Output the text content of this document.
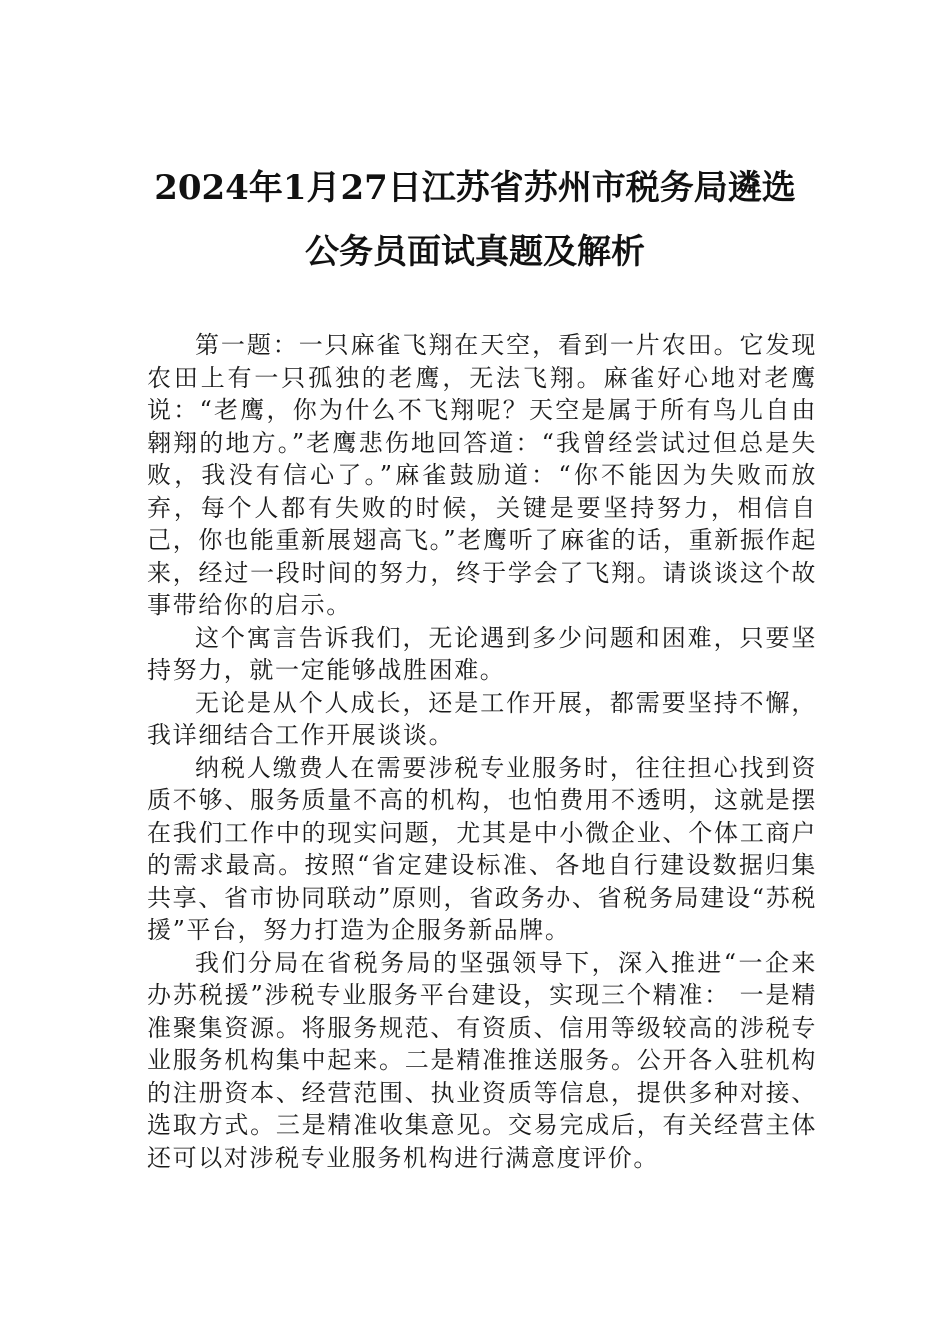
2024年1月27日江苏省苏州市税务局遴选
公务员面试真题及解析

第一题：一只麻雀飞翔在天空，看到一片农田。它发现农田上有一只孤独的老鹰，无法飞翔。麻雀好心地对老鹰说：“老鹰，你为什么不飞翔呢？天空是属于所有鸟儿自由翱翔的地方。”老鹰悲伤地回答道：“我曾经尝试过但总是失败，我没有信心了。”麻雀鼓励道：“你不能因为失败而放弃，每个人都有失败的时候，关键是要坚持努力，相信自己，你也能重新展翅高飞。”老鹰听了麻雀的话，重新振作起来，经过一段时间的努力，终于学会了飞翔。请谈谈这个故事带给你的启示。

这个寓言告诉我们，无论遇到多少问题和困难，只要坚持努力，就一定能够战胜困难。

无论是从个人成长，还是工作开展，都需要坚持不懈，我详细结合工作开展谈谈。

纳税人缴费人在需要涉税专业服务时，往往担心找到资质不够、服务质量不高的机构，也怕费用不透明，这就是摆在我们工作中的现实问题，尤其是中小微企业、个体工商户的需求最高。按照“省定建设标准、各地自行建设数据归集共享、省市协同联动”原则，省政务办、省税务局建设“苏税援”平台，努力打造为企服务新品牌。

我们分局在省税务局的坚强领导下，深入推进“一企来办苏税援”涉税专业服务平台建设，实现三个精准： 一是精准聚集资源。将服务规范、有资质、信用等级较高的涉税专业服务机构集中起来。二是精准推送服务。公开各入驻机构的注册资本、经营范围、执业资质等信息，提供多种对接、选取方式。三是精准收集意见。交易完成后，有关经营主体还可以对涉税专业服务机构进行满意度评价。
